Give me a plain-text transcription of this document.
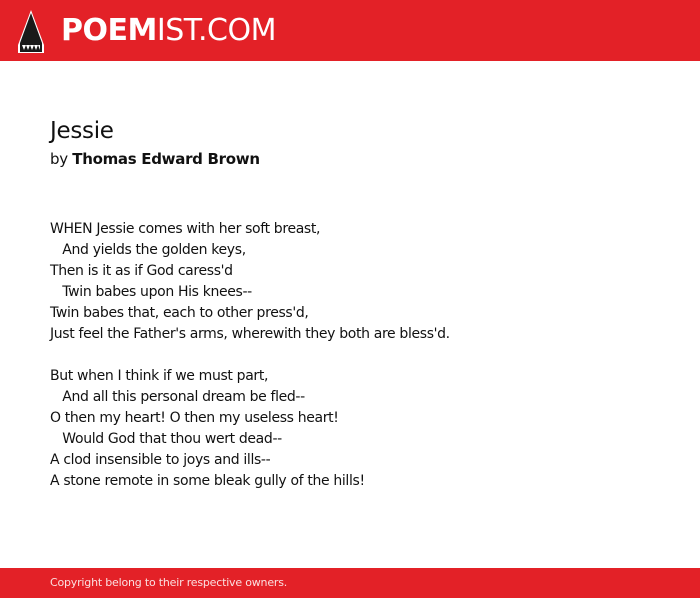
POEMIST.COM
Jessie

by Thomas Edward Brown

WHEN Jessie comes with her soft breast,
And yields the golden keys,
Then is it as if God caress'd
Twin babes upon His knees--
Twin babes that, each to other press'd,
Just feel the Father's arms, wherewith they both are bless'd.
But when I think if we must part,
And all this personal dream be fled--
O then my heart! O then my useless heart!
Would God that thou wert dead--
A clod insensible to joys and ills--
A stone remote in some bleak gully of the hills!

Copyright belong to their respective owners.
